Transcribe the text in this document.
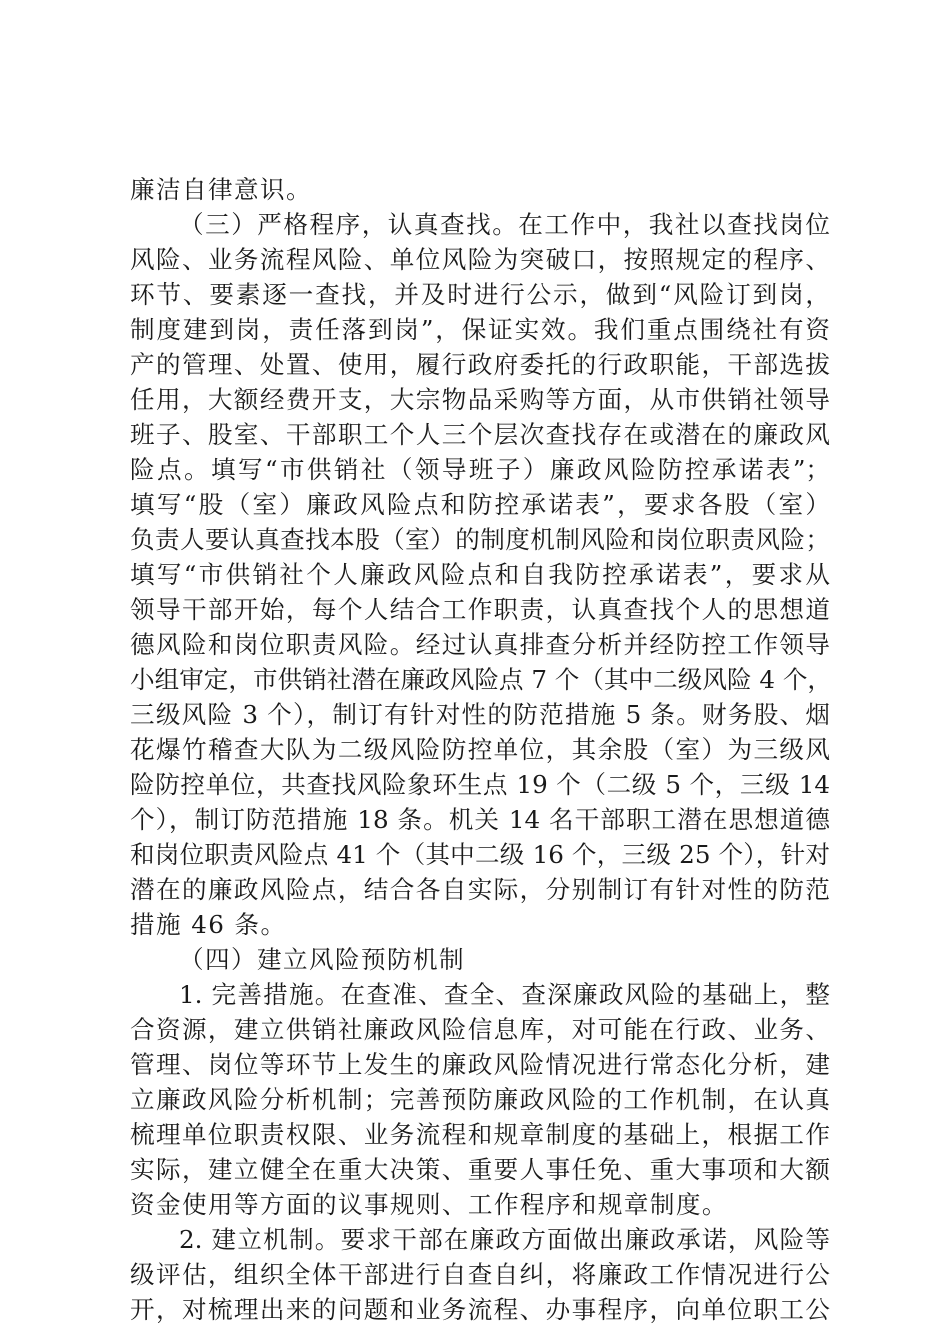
廉洁自律意识。
（三）严格程序，认真查找。在工作中，我社以查找岗位
风险、业务流程风险、单位风险为突破口，按照规定的程序、
环节、要素逐一查找，并及时进行公示，做到“风险订到岗，
制度建到岗，责任落到岗”，保证实效。我们重点围绕社有资
产的管理、处置、使用，履行政府委托的行政职能，干部选拔
任用，大额经费开支，大宗物品采购等方面，从市供销社领导
班子、股室、干部职工个人三个层次查找存在或潜在的廉政风
险点。填写“市供销社（领导班子）廉政风险防控承诺表”；
填写“股（室）廉政风险点和防控承诺表”，要求各股（室）
负责人要认真查找本股（室）的制度机制风险和岗位职责风险；
填写“市供销社个人廉政风险点和自我防控承诺表”，要求从
领导干部开始，每个人结合工作职责，认真查找个人的思想道
德风险和岗位职责风险。经过认真排查分析并经防控工作领导
小组审定，市供销社潜在廉政风险点 7 个（其中二级风险 4 个，
三级风险 3 个），制订有针对性的防范措施 5 条。财务股、烟
花爆竹稽查大队为二级风险防控单位，其余股（室）为三级风
险防控单位，共查找风险象环生点 19 个（二级 5 个，三级 14
个），制订防范措施 18 条。机关 14 名干部职工潜在思想道德
和岗位职责风险点 41 个（其中二级 16 个，三级 25 个），针对
潜在的廉政风险点，结合各自实际，分别制订有针对性的防范
措施 46 条。
（四）建立风险预防机制
1. 完善措施。在查准、查全、查深廉政风险的基础上，整
合资源，建立供销社廉政风险信息库，对可能在行政、业务、
管理、岗位等环节上发生的廉政风险情况进行常态化分析，建
立廉政风险分析机制；完善预防廉政风险的工作机制，在认真
梳理单位职责权限、业务流程和规章制度的基础上，根据工作
实际，建立健全在重大决策、重要人事任免、重大事项和大额
资金使用等方面的议事规则、工作程序和规章制度。
2. 建立机制。要求干部在廉政方面做出廉政承诺，风险等
级评估，组织全体干部进行自查自纠，将廉政工作情况进行公
开，对梳理出来的问题和业务流程、办事程序，向单位职工公
